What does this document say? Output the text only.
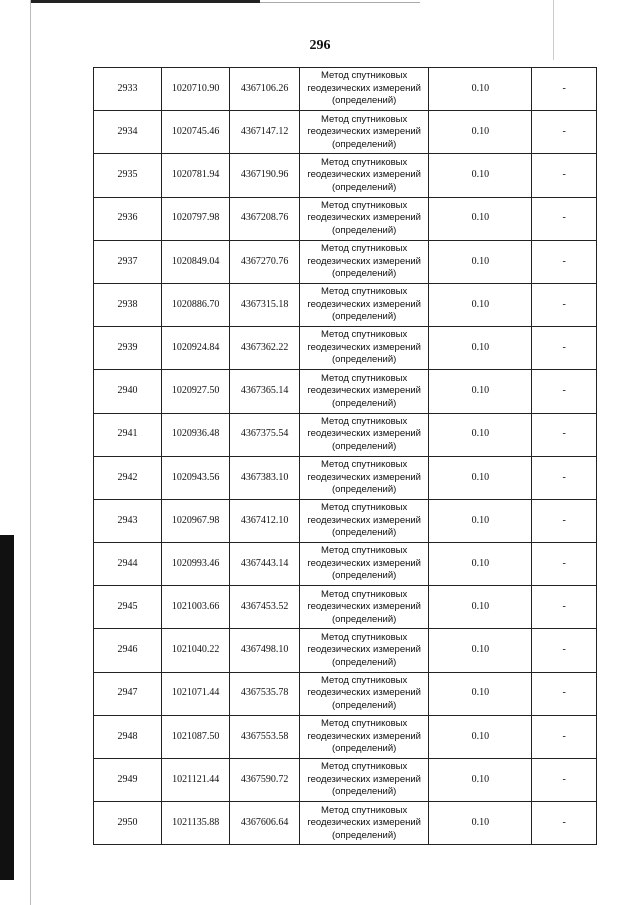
296
2933	1020710.90	4367106.26	Метод спутниковых
геодезических измерений
(определений)	0.10	-
2934	1020745.46	4367147.12	Метод спутниковых
геодезических измерений
(определений)	0.10	-
2935	1020781.94	4367190.96	Метод спутниковых
геодезических измерений
(определений)	0.10	-
2936	1020797.98	4367208.76	Метод спутниковых
геодезических измерений
(определений)	0.10	-
2937	1020849.04	4367270.76	Метод спутниковых
геодезических измерений
(определений)	0.10	-
2938	1020886.70	4367315.18	Метод спутниковых
геодезических измерений
(определений)	0.10	-
2939	1020924.84	4367362.22	Метод спутниковых
геодезических измерений
(определений)	0.10	-
2940	1020927.50	4367365.14	Метод спутниковых
геодезических измерений
(определений)	0.10	-
2941	1020936.48	4367375.54	Метод спутниковых
геодезических измерений
(определений)	0.10	-
2942	1020943.56	4367383.10	Метод спутниковых
геодезических измерений
(определений)	0.10	-
2943	1020967.98	4367412.10	Метод спутниковых
геодезических измерений
(определений)	0.10	-
2944	1020993.46	4367443.14	Метод спутниковых
геодезических измерений
(определений)	0.10	-
2945	1021003.66	4367453.52	Метод спутниковых
геодезических измерений
(определений)	0.10	-
2946	1021040.22	4367498.10	Метод спутниковых
геодезических измерений
(определений)	0.10	-
2947	1021071.44	4367535.78	Метод спутниковых
геодезических измерений
(определений)	0.10	-
2948	1021087.50	4367553.58	Метод спутниковых
геодезических измерений
(определений)	0.10	-
2949	1021121.44	4367590.72	Метод спутниковых
геодезических измерений
(определений)	0.10	-
2950	1021135.88	4367606.64	Метод спутниковых
геодезических измерений
(определений)	0.10	-
